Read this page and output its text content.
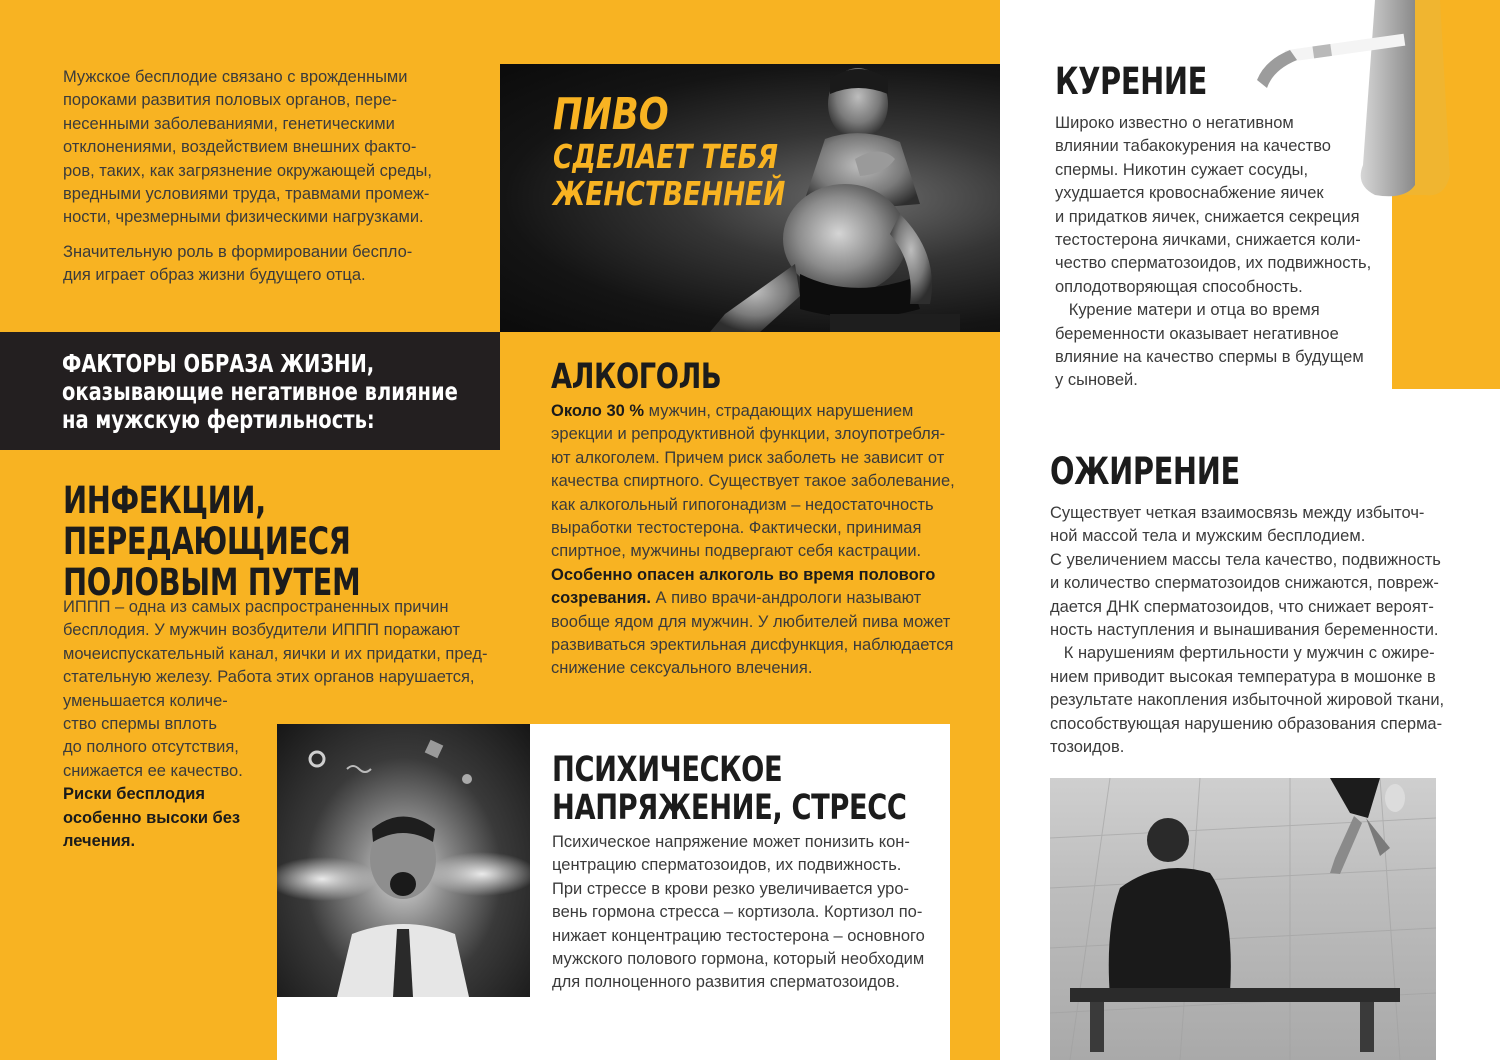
Мужское бесплодие связано с врожденными
пороками развития половых органов, пере-
несенными заболеваниями, генетическими
отклонениями, воздействием внешних факто-
ров, таких, как загрязнение окружающей среды,
вредными условиями труда, травмами промеж-
ности, чрезмерными физическими нагрузками.

Значительную роль в формировании беспло-
дия играет образ жизни будущего отца.

ФАКТОРЫ ОБРАЗА ЖИЗНИ,
оказывающие негативное влияние
на мужскую фертильность:
ПИВО
СДЕЛАЕТ ТЕБЯ
ЖЕНСТВЕННЕЙ
ИНФЕКЦИИ,
ПЕРЕДАЮЩИЕСЯ
ПОЛОВЫМ ПУТЕМ

ИППП – одна из самых распространенных причин
бесплодия. У мужчин возбудители ИППП поражают
мочеиспускательный канал, яички и их придатки, пред-
стательную железу. Работа этих органов нарушается,

уменьшается количе-
ство спермы вплоть
до полного отсутствия,
снижается ее качество.

Риски бесплодия
особенно высоки без
лечения.

АЛКОГОЛЬ

Около 30 % мужчин, страдающих нарушением
эрекции и репродуктивной функции, злоупотребля-
ют алкоголем. Причем риск заболеть не зависит от
качества спиртного. Существует такое заболевание,
как алкогольный гипогонадизм – недостаточность
выработки тестостерона. Фактически, принимая
спиртное, мужчины подвергают себя кастрации.
Особенно опасен алкоголь во время полового
созревания. А пиво врачи-андрологи называют
вообще ядом для мужчин. У любителей пива может
развиваться эректильная дисфункция, наблюдается
снижение сексуального влечения.

ПСИХИЧЕСКОЕ
НАПРЯЖЕНИЕ, СТРЕСС

Психическое напряжение может понизить кон-
центрацию сперматозоидов, их подвижность.
При стрессе в крови резко увеличивается уро-
вень гормона стресса – кортизола. Кортизол по-
нижает концентрацию тестостерона – основного
мужского полового гормона, который необходим
для полноценного развития сперматозоидов.

КУРЕНИЕ

Широко известно о негативном
влиянии табакокурения на качество
спермы. Никотин сужает сосуды,
ухудшается кровоснабжение яичек
и придатков яичек, снижается секреция
тестостерона яичками, снижается коли-
чество сперматозоидов, их подвижность,
оплодотворяющая способность.
Курение матери и отца во время
беременности оказывает негативное
влияние на качество спермы в будущем
у сыновей.

ОЖИРЕНИЕ

Существует четкая взаимосвязь между избыточ-
ной массой тела и мужским бесплодием.
С увеличением массы тела качество, подвижность
и количество сперматозоидов снижаются, повреж-
дается ДНК сперматозоидов, что снижает вероят-
ность наступления и вынашивания беременности.
К нарушениям фертильности у мужчин с ожире-
нием приводит высокая температура в мошонке в
результате накопления избыточной жировой ткани,
способствующая нарушению образования сперма-
тозоидов.
